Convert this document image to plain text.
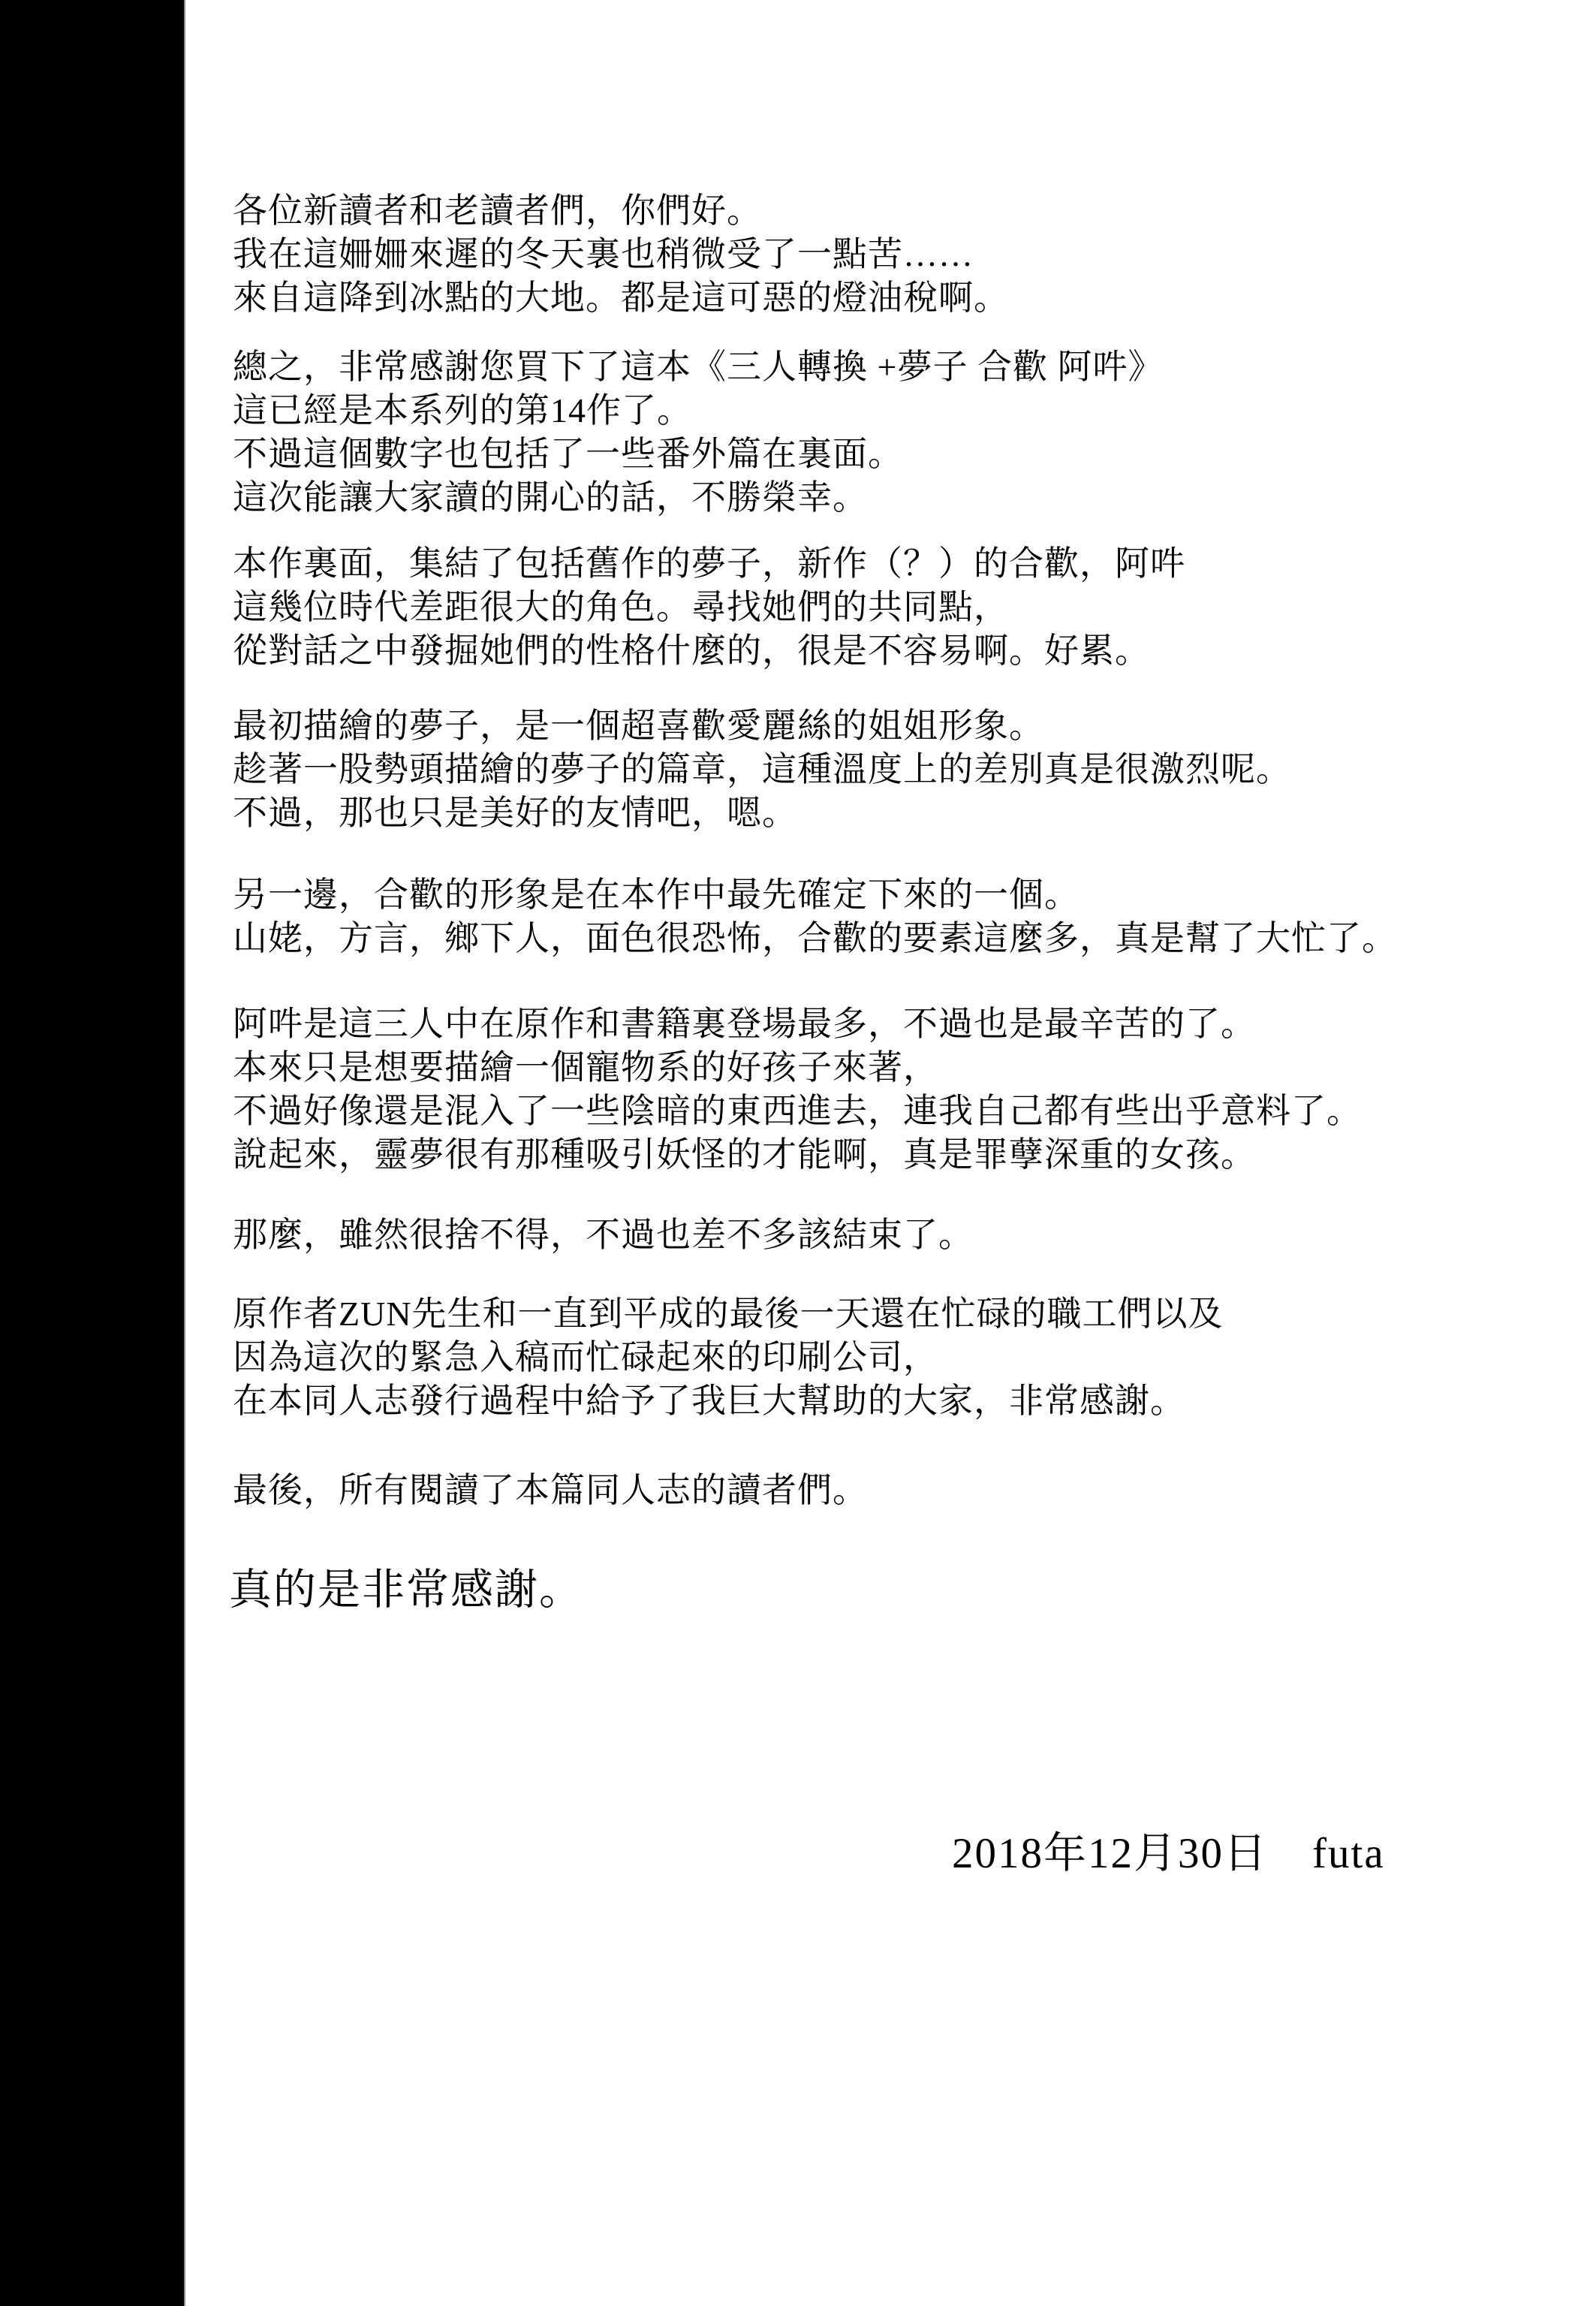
各位新讀者和老讀者們，你們好。
我在這姍姍來遲的冬天裏也稍微受了一點苦……
來自這降到冰點的大地。都是這可惡的燈油稅啊。
總之，非常感謝您買下了這本《三人轉換 +夢子 合歡 阿吽》
這已經是本系列的第14作了。
不過這個數字也包括了一些番外篇在裏面。
這次能讓大家讀的開心的話，不勝榮幸。
本作裏面，集結了包括舊作的夢子，新作（？）的合歡，阿吽
這幾位時代差距很大的角色。尋找她們的共同點，
從對話之中發掘她們的性格什麼的，很是不容易啊。好累。
最初描繪的夢子，是一個超喜歡愛麗絲的姐姐形象。
趁著一股勢頭描繪的夢子的篇章，這種溫度上的差別真是很激烈呢。
不過，那也只是美好的友情吧，嗯。
另一邊，合歡的形象是在本作中最先確定下來的一個。
山姥，方言，鄉下人，面色很恐怖，合歡的要素這麼多，真是幫了大忙了。
阿吽是這三人中在原作和書籍裏登場最多，不過也是最辛苦的了。
本來只是想要描繪一個寵物系的好孩子來著，
不過好像還是混入了一些陰暗的東西進去，連我自己都有些出乎意料了。
說起來，靈夢很有那種吸引妖怪的才能啊，真是罪孽深重的女孩。
那麼，雖然很捨不得，不過也差不多該結束了。
原作者ZUN先生和一直到平成的最後一天還在忙碌的職工們以及
因為這次的緊急入稿而忙碌起來的印刷公司，
在本同人志發行過程中給予了我巨大幫助的大家，非常感謝。
最後，所有閱讀了本篇同人志的讀者們。
真的是非常感謝。
2018年12月30日　futa
